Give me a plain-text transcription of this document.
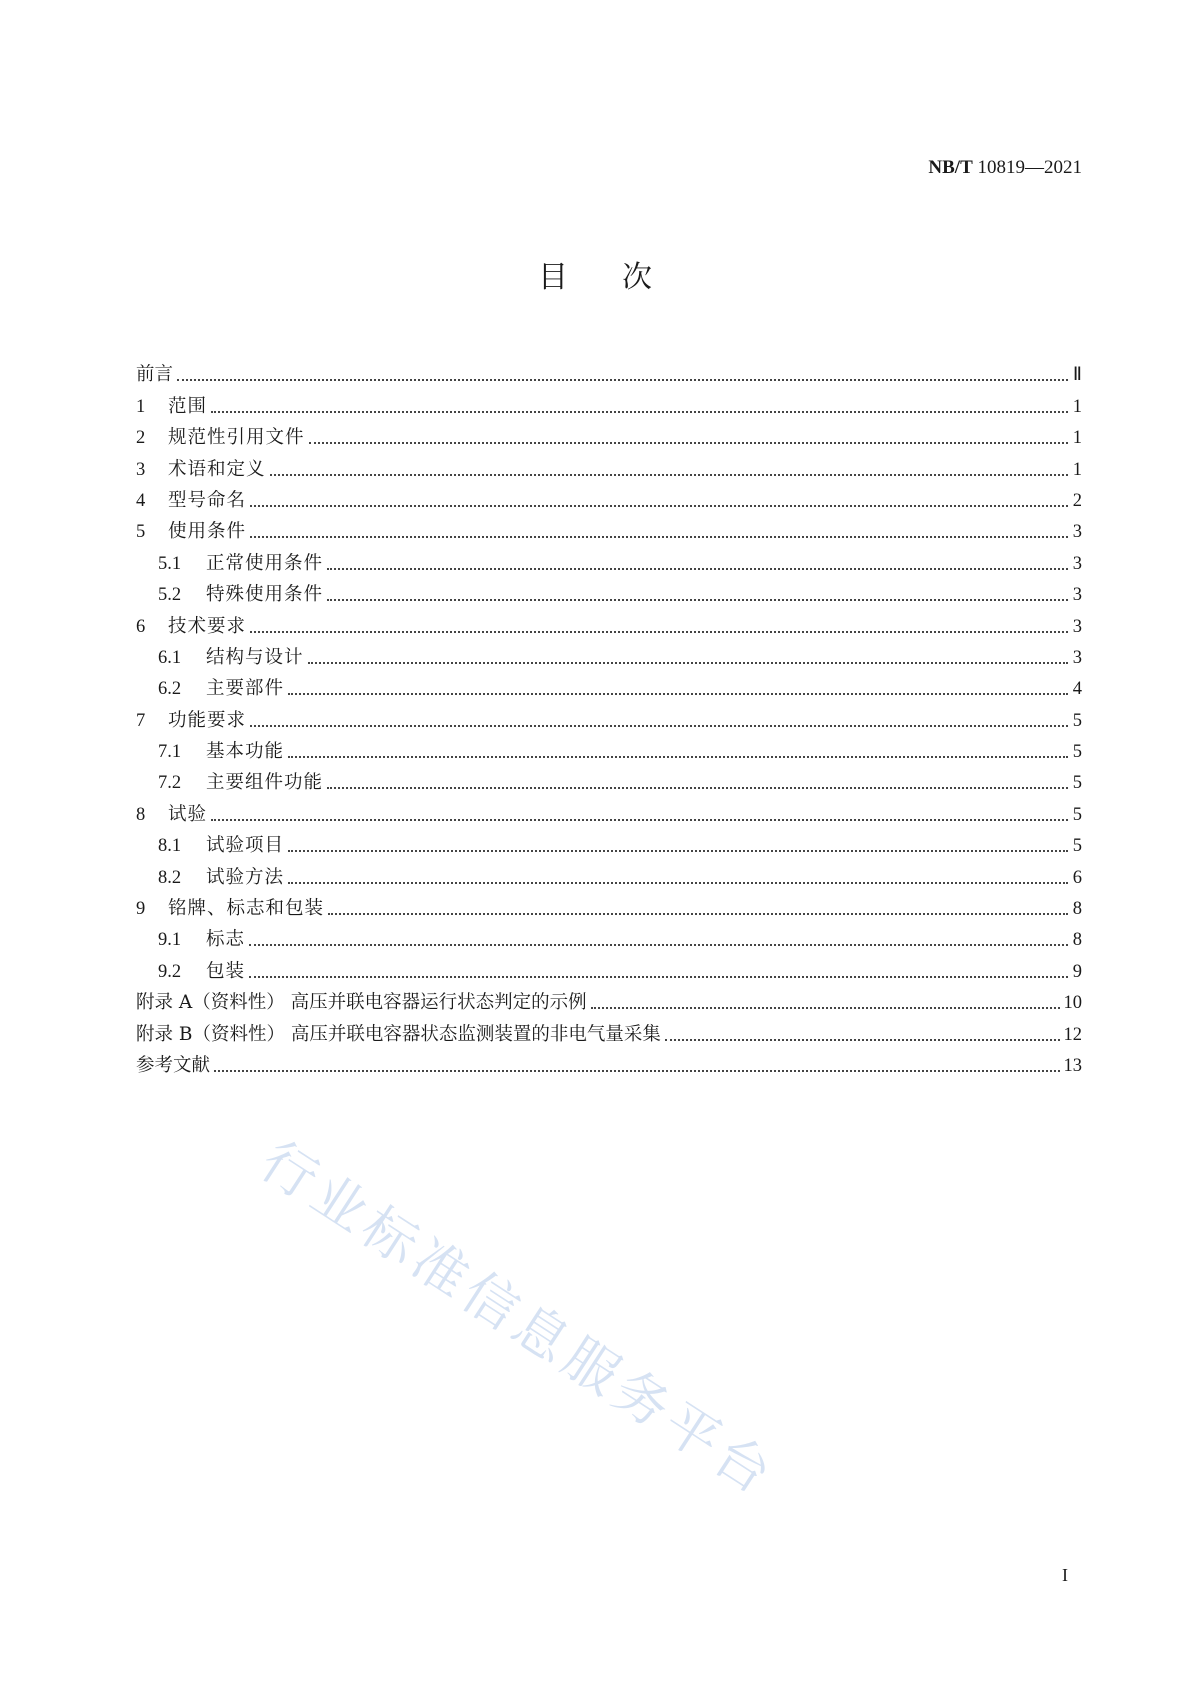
NB/T 10819—2021
目次
前言	Ⅱ
1	范围	1
2	规范性引用文件	1
3	术语和定义	1
4	型号命名	2
5	使用条件	3
5.1	正常使用条件	3
5.2	特殊使用条件	3
6	技术要求	3
6.1	结构与设计	3
6.2	主要部件	4
7	功能要求	5
7.1	基本功能	5
7.2	主要组件功能	5
8	试验	5
8.1	试验项目	5
8.2	试验方法	6
9	铭牌、标志和包装	8
9.1	标志	8
9.2	包装	9
附录 A（资料性） 高压并联电容器运行状态判定的示例	10
附录 B（资料性） 高压并联电容器状态监测装置的非电气量采集	12
参考文献	13
行业标准信息服务平台
I
